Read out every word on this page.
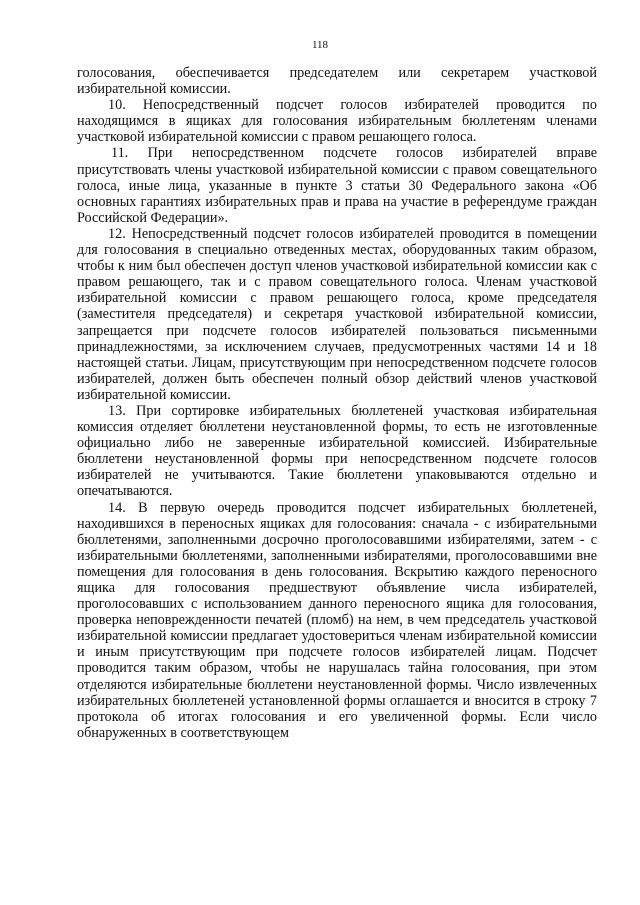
118

голосования, обеспечивается председателем или секретарем участковой избирательной комиссии.

10. Непосредственный подсчет голосов избирателей проводится по находящимся в ящиках для голосования избирательным бюллетеням членами участковой избирательной комиссии с правом решающего голоса.

11. При непосредственном подсчете голосов избирателей вправе присутствовать члены участковой избирательной комиссии с правом совещательного голоса, иные лица, указанные в пункте 3 статьи 30 Федерального закона «Об основных гарантиях избирательных прав и права на участие в референдуме граждан Российской Федерации».

12. Непосредственный подсчет голосов избирателей проводится в помещении для голосования в специально отведенных местах, оборудованных таким образом, чтобы к ним был обеспечен доступ членов участковой избирательной комиссии как с правом решающего, так и с правом совещательного голоса. Членам участковой избирательной комиссии с правом решающего голоса, кроме председателя (заместителя председателя) и секретаря участковой избирательной комиссии, запрещается при подсчете голосов избирателей пользоваться письменными принадлежностями, за исключением случаев, предусмотренных частями 14 и 18 настоящей статьи. Лицам, присутствующим при непосредственном подсчете голосов избирателей, должен быть обеспечен полный обзор действий членов участковой избирательной комиссии.

13. При сортировке избирательных бюллетеней участковая избирательная комиссия отделяет бюллетени неустановленной формы, то есть не изготовленные официально либо не заверенные избирательной комиссией. Избирательные бюллетени неустановленной формы при непосредственном подсчете голосов избирателей не учитываются. Такие бюллетени упаковываются отдельно и опечатываются.

14. В первую очередь проводится подсчет избирательных бюллетеней, находившихся в переносных ящиках для голосования: сначала - с избирательными бюллетенями, заполненными досрочно проголосовавшими избирателями, затем - с избирательными бюллетенями, заполненными избирателями, проголосовавшими вне помещения для голосования в день голосования. Вскрытию каждого переносного ящика для голосования предшествуют объявление числа избирателей, проголосовавших с использованием данного переносного ящика для голосования, проверка неповрежденности печатей (пломб) на нем, в чем председатель участковой избирательной комиссии предлагает удостовериться членам избирательной комиссии и иным присутствующим при подсчете голосов избирателей лицам. Подсчет проводится таким образом, чтобы не нарушалась тайна голосования, при этом отделяются избирательные бюллетени неустановленной формы. Число извлеченных избирательных бюллетеней установленной формы оглашается и вносится в строку 7 протокола об итогах голосования и его увеличенной формы. Если число обнаруженных в соответствующем
